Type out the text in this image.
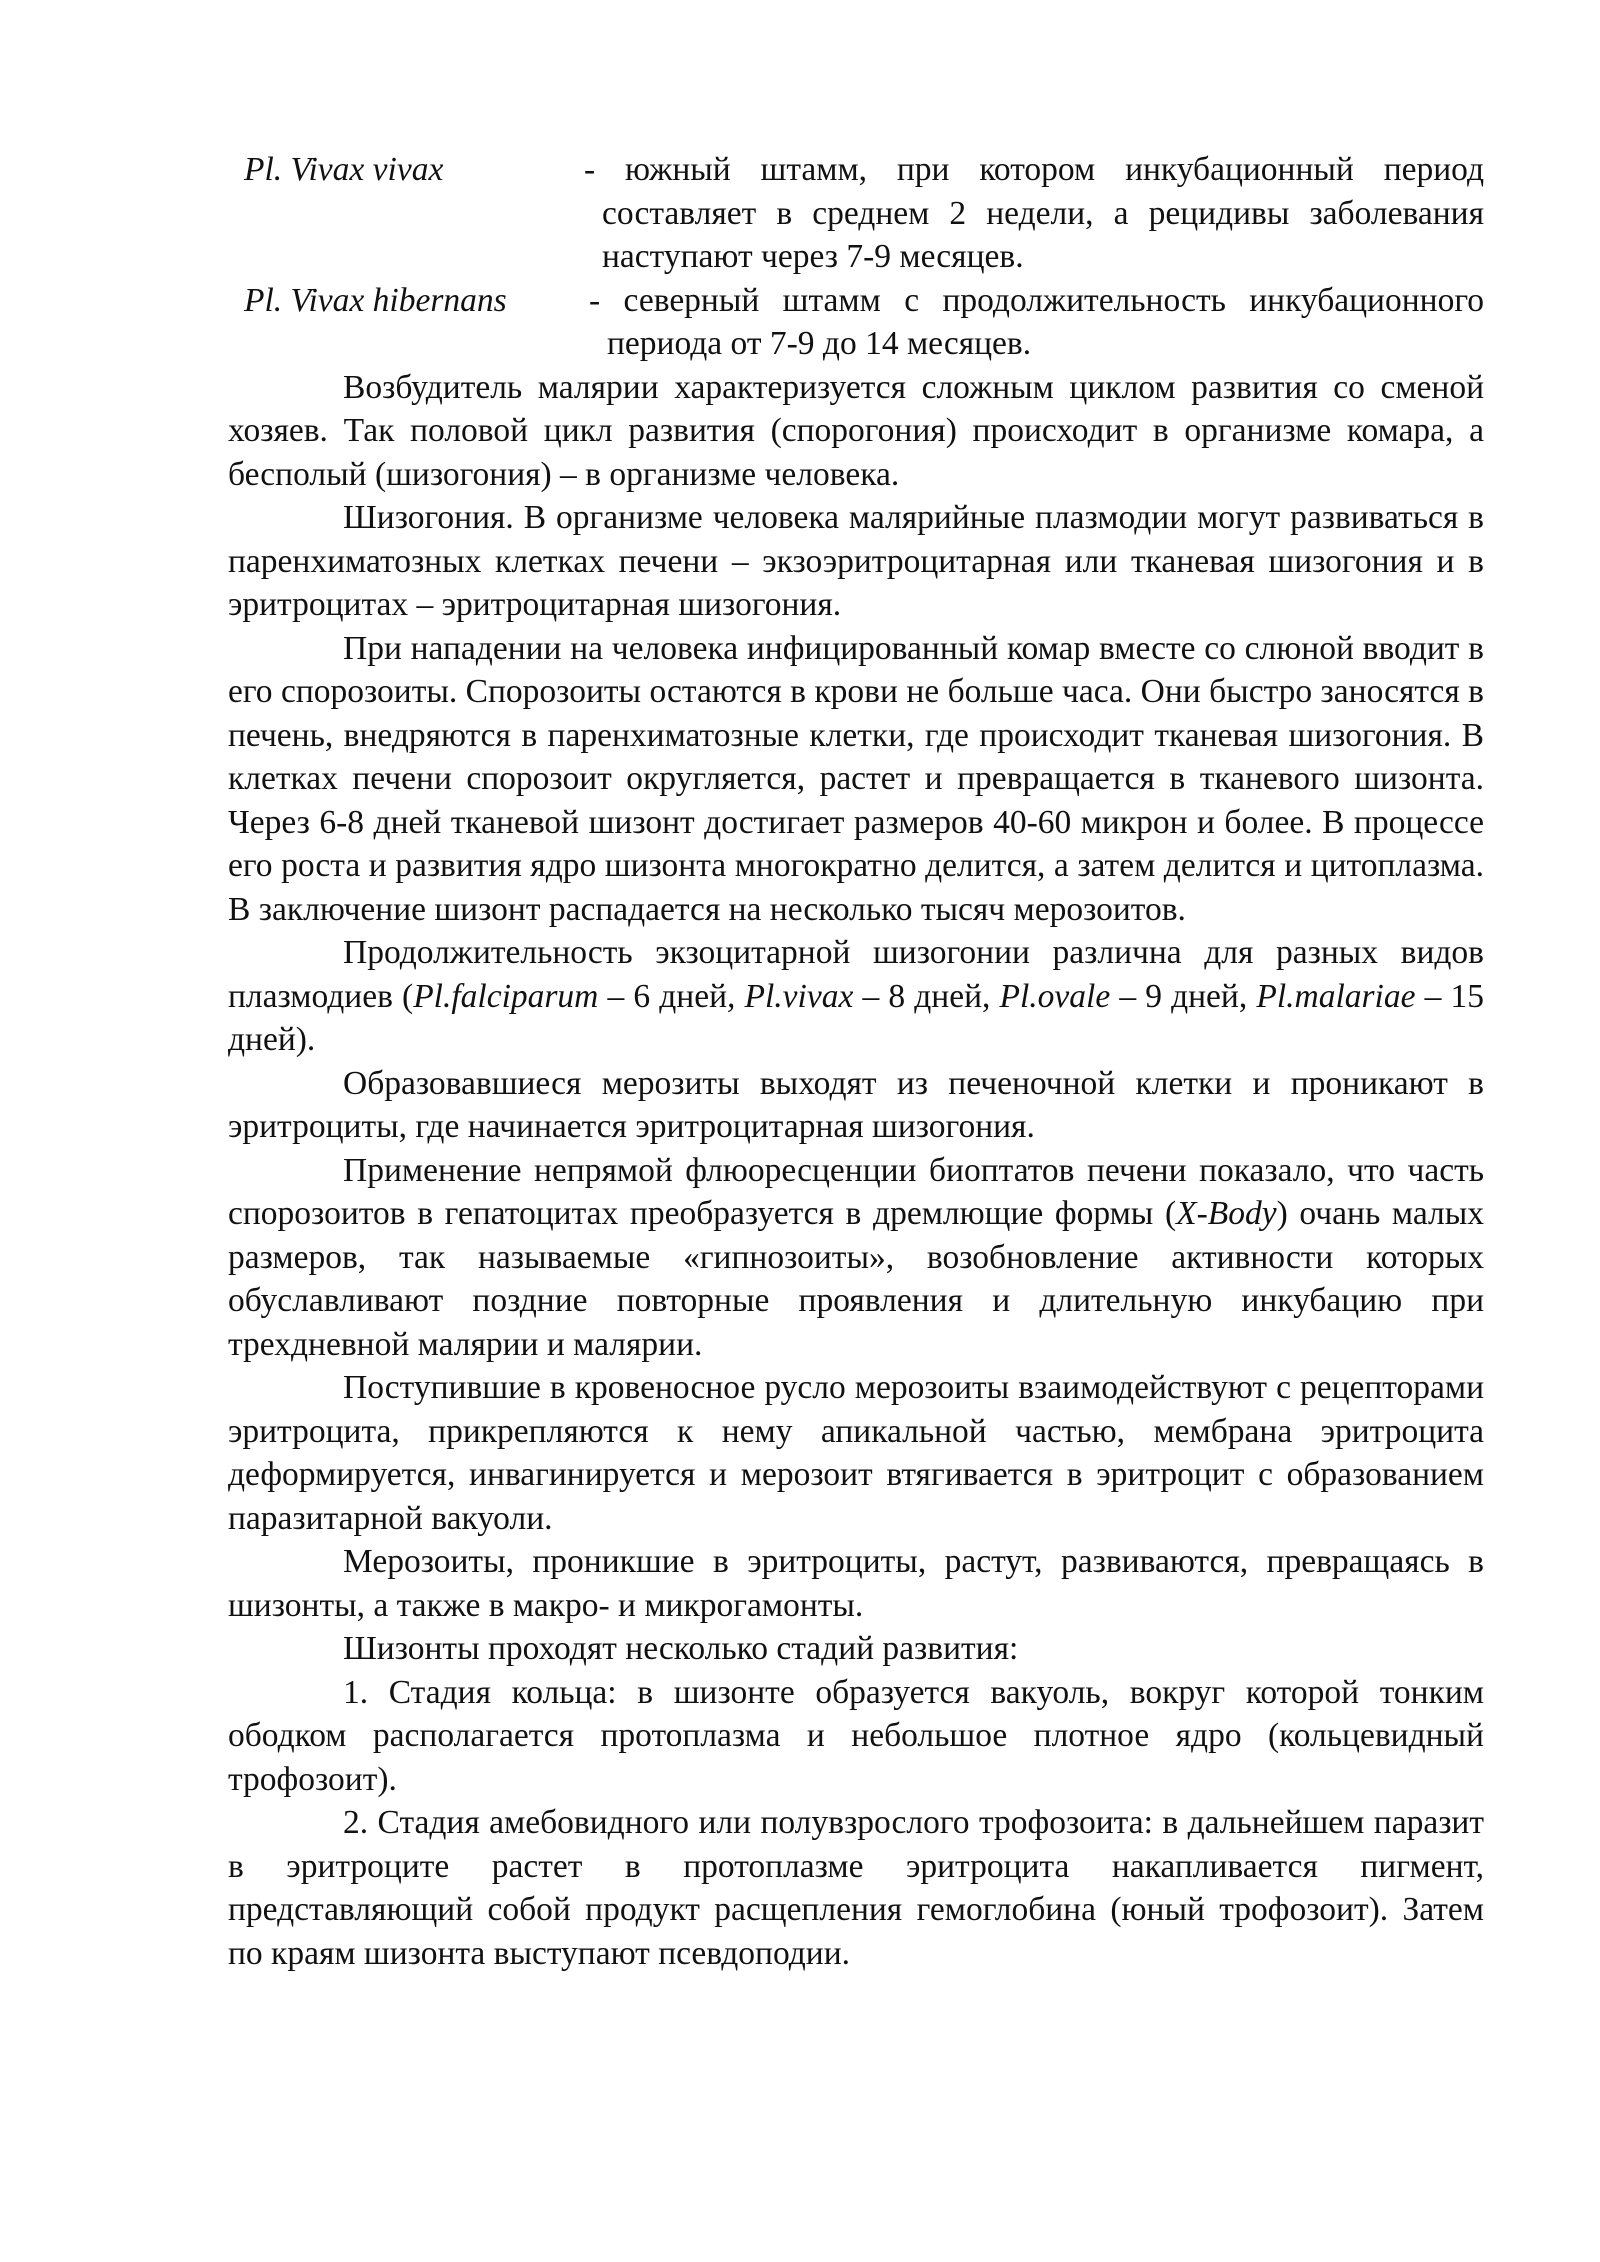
Pl. Vivax vivax	- южный штамм, при котором инкубационный период составляет в среднем 2 недели, а рецидивы заболевания наступают через 7-9 месяцев.
Pl. Vivax hibernans	- северный штамм с продолжительность инкубационного периода от 7-9 до 14 месяцев.

Возбудитель малярии характеризуется сложным циклом развития со сменой хозяев. Так половой цикл развития (спорогония) происходит в организме комара, а бесполый (шизогония) – в организме человека.

Шизогония. В организме человека малярийные плазмодии могут развиваться в паренхиматозных клетках печени – экзоэритроцитарная или тканевая шизогония и в эритроцитах – эритроцитарная шизогония.

При нападении на человека инфицированный комар вместе со слюной вводит в его спорозоиты. Спорозоиты остаются в крови не больше часа. Они быстро заносятся в печень, внедряются в паренхиматозные клетки, где происходит тканевая шизогония. В клетках печени спорозоит округляется, растет и превращается в тканевого шизонта. Через 6-8 дней тканевой шизонт достигает размеров 40-60 микрон и более. В процессе его роста и развития ядро шизонта многократно делится, а затем делится и цитоплазма. В заключение шизонт распадается на несколько тысяч мерозоитов.

Продолжительность экзоцитарной шизогонии различна для разных видов плазмодиев (Pl.falciparum – 6 дней, Pl.vivax – 8 дней, Pl.ovale – 9 дней, Pl.malariae – 15 дней).

Образовавшиеся мерозиты выходят из печеночной клетки и проникают в эритроциты, где начинается эритроцитарная шизогония.

Применение непрямой флюоресценции биоптатов печени показало, что часть спорозоитов в гепатоцитах преобразуется в дремлющие формы (X-Body) очань малых размеров, так называемые «гипнозоиты», возобновление активности которых обуславливают поздние повторные проявления и длительную инкубацию при трехдневной малярии и малярии.

Поступившие в кровеносное русло мерозоиты взаимодействуют с рецепторами эритроцита, прикрепляются к нему апикальной частью, мембрана эритроцита деформируется, инвагинируется и мерозоит втягивается в эритроцит с образованием паразитарной вакуоли.

Мерозоиты, проникшие в эритроциты, растут, развиваются, превращаясь в шизонты, а также в макро- и микрогамонты.

Шизонты проходят несколько стадий развития:

1. Стадия кольца: в шизонте образуется вакуоль, вокруг которой тонким ободком располагается протоплазма и небольшое плотное ядро (кольцевидный трофозоит).

2. Стадия амебовидного или полувзрослого трофозоита: в дальнейшем паразит в эритроците растет в протоплазме эритроцита накапливается пигмент, представляющий собой продукт расщепления гемоглобина (юный трофозоит). Затем по краям шизонта выступают псевдоподии.
